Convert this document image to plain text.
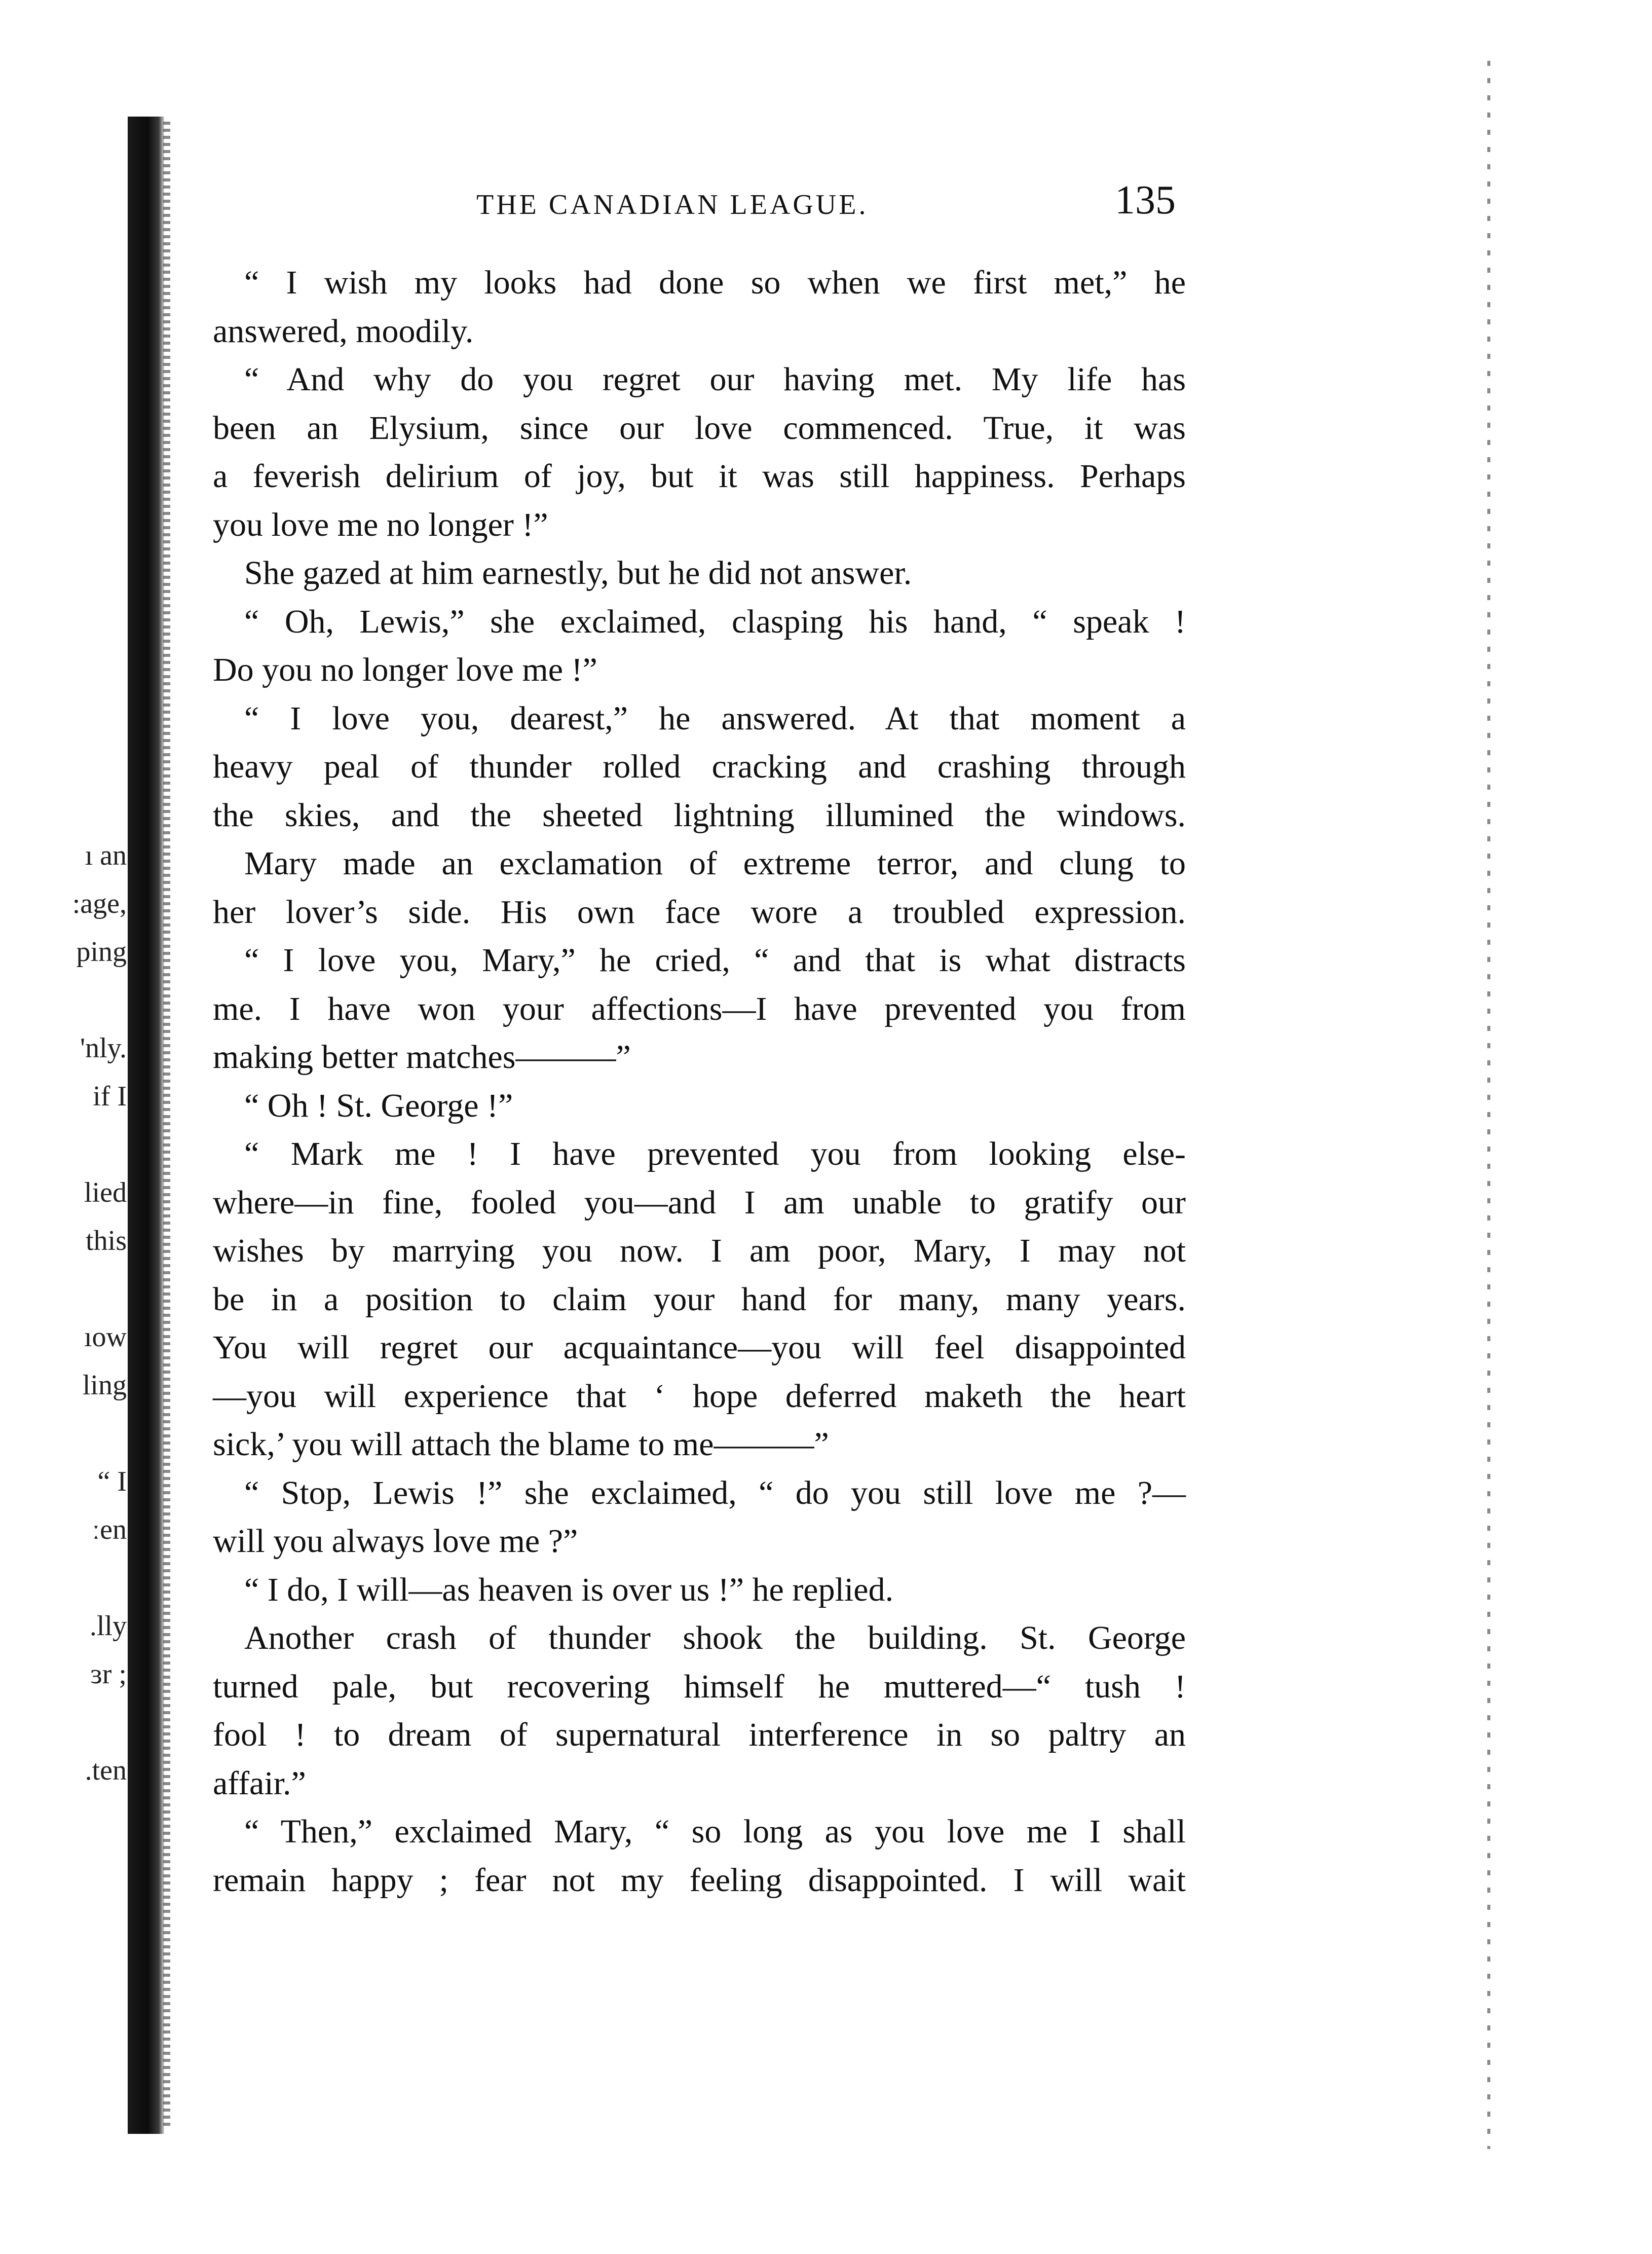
ı an
:age,
ping
'nly.
if I
lied
this
ıow
ling
“ I
ːen
.lly
ɜr ;
.ten
THE CANADIAN LEAGUE.	135
“ I wish my looks had done so when we first met,” he
answered, moodily.
“ And why do you regret our having met. My life has
been an Elysium, since our love commenced. True, it was
a feverish delirium of joy, but it was still happiness. Perhaps
you love me no longer !”
She gazed at him earnestly, but he did not answer.
“ Oh, Lewis,” she exclaimed, clasping his hand, “ speak !
Do you no longer love me !”
“ I love you, dearest,” he answered. At that moment a
heavy peal of thunder rolled cracking and crashing through
the skies, and the sheeted lightning illumined the windows.
Mary made an exclamation of extreme terror, and clung to
her lover’s side. His own face wore a troubled expression.
“ I love you, Mary,” he cried, “ and that is what distracts
me. I have won your affections—I have prevented you from
making better matches———”
“ Oh ! St. George !”
“ Mark me ! I have prevented you from looking else-
where—in fine, fooled you—and I am unable to gratify our
wishes by marrying you now. I am poor, Mary, I may not
be in a position to claim your hand for many, many years.
You will regret our acquaintance—you will feel disappointed
—you will experience that ‘ hope deferred maketh the heart
sick,’ you will attach the blame to me———”
“ Stop, Lewis !” she exclaimed, “ do you still love me ?—
will you always love me ?”
“ I do, I will—as heaven is over us !” he replied.
Another crash of thunder shook the building. St. George
turned pale, but recovering himself he muttered—“ tush !
fool ! to dream of supernatural interference in so paltry an
affair.”
“ Then,” exclaimed Mary, “ so long as you love me I shall
remain happy ; fear not my feeling disappointed. I will wait
